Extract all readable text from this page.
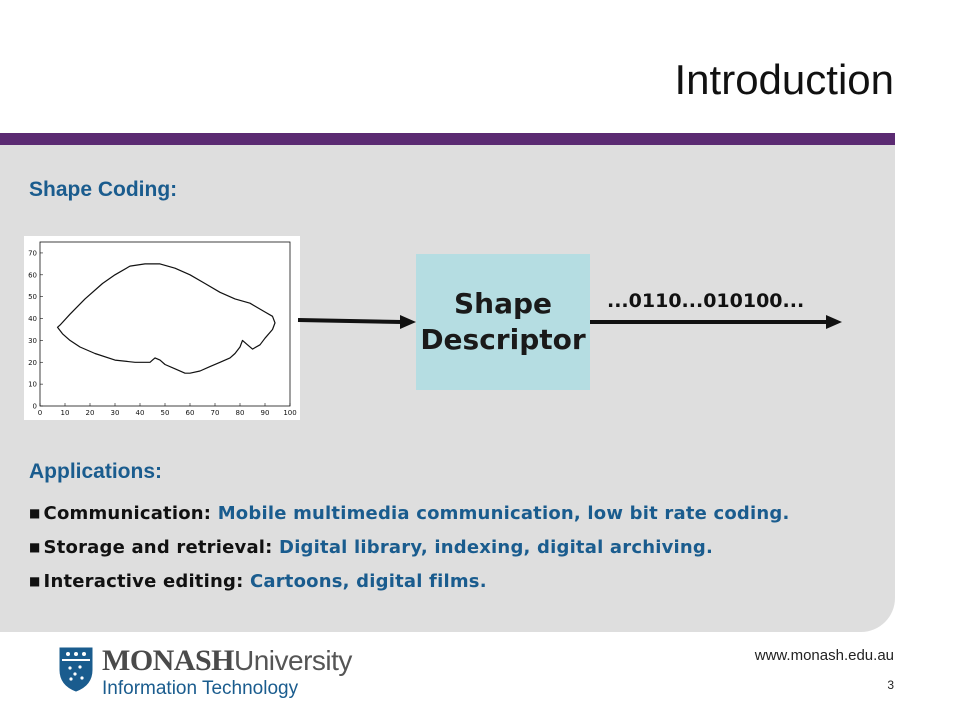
Introduction
Shape Coding:
0	10 20 30 40 50 60 70 80 90 100
0
10
20
30
40
50
60
70
Shape Descriptor
...0110...010100...
Applications:
■ Communication: Mobile multimedia communication, low bit rate coding.
■ Storage and retrieval: Digital library, indexing, digital archiving.
■ Interactive editing: Cartoons, digital films.
MONASHUniversity
Information Technology
www.monash.edu.au
3
